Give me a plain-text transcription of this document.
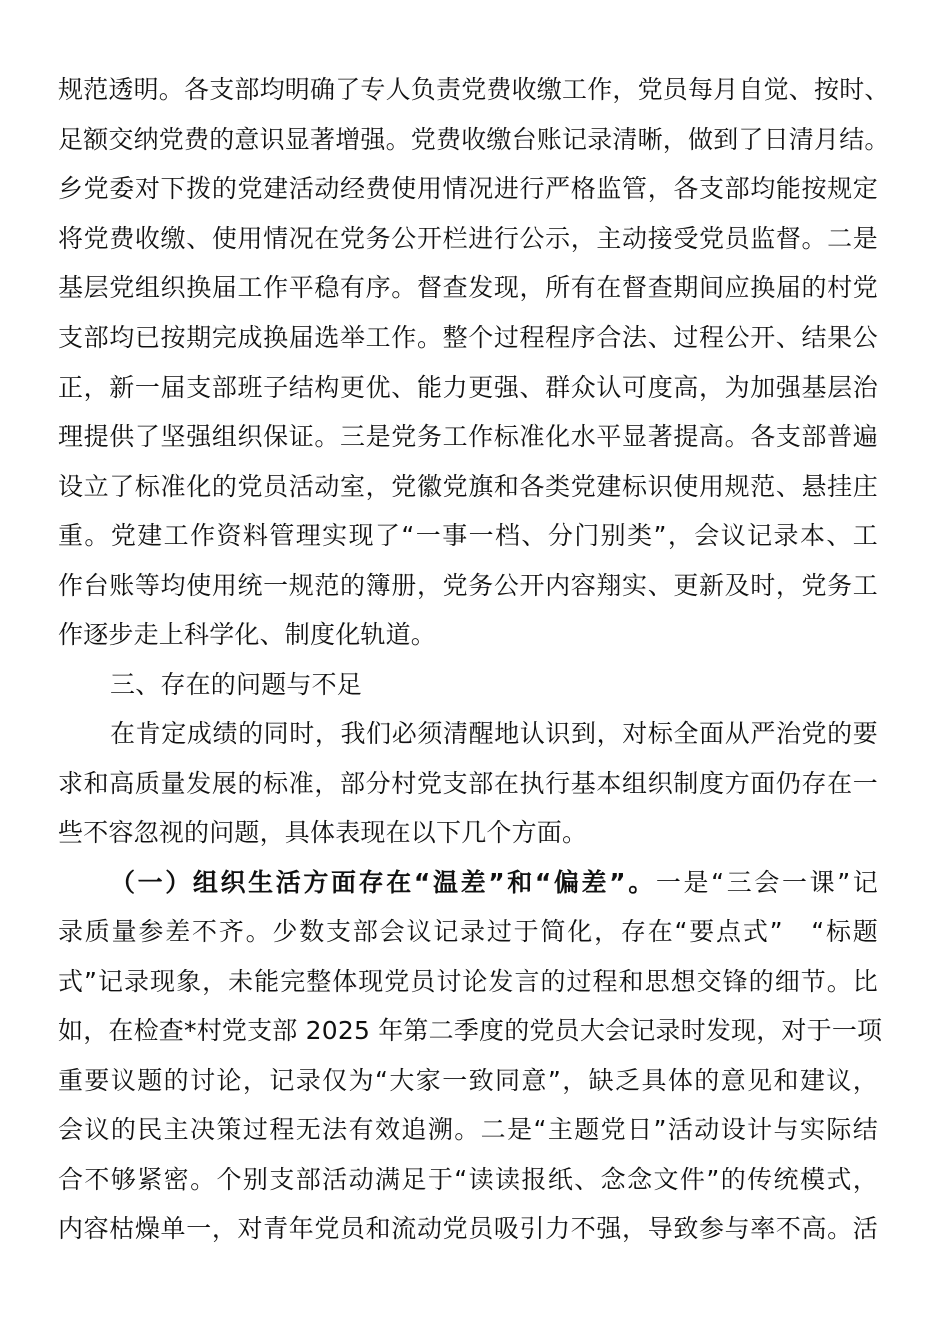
规范透明。各支部均明确了专人负责党费收缴工作，党员每月自觉、按时、
足额交纳党费的意识显著增强。党费收缴台账记录清晰，做到了日清月结。
乡党委对下拨的党建活动经费使用情况进行严格监管，各支部均能按规定
将党费收缴、使用情况在党务公开栏进行公示，主动接受党员监督。二是
基层党组织换届工作平稳有序。督查发现，所有在督查期间应换届的村党
支部均已按期完成换届选举工作。整个过程程序合法、过程公开、结果公
正，新一届支部班子结构更优、能力更强、群众认可度高，为加强基层治
理提供了坚强组织保证。三是党务工作标准化水平显著提高。各支部普遍
设立了标准化的党员活动室，党徽党旗和各类党建标识使用规范、悬挂庄
重。党建工作资料管理实现了“一事一档、分门别类”，会议记录本、工
作台账等均使用统一规范的簿册，党务公开内容翔实、更新及时，党务工
作逐步走上科学化、制度化轨道。
三、存在的问题与不足
在肯定成绩的同时，我们必须清醒地认识到，对标全面从严治党的要
求和高质量发展的标准，部分村党支部在执行基本组织制度方面仍存在一
些不容忽视的问题，具体表现在以下几个方面。
（一）组织生活方面存在“温差”和“偏差”。一是“三会一课”记
录质量参差不齐。少数支部会议记录过于简化，存在“要点式”　“标题
式”记录现象，未能完整体现党员讨论发言的过程和思想交锋的细节。比
如，在检查*村党支部 2025 年第二季度的党员大会记录时发现，对于一项
重要议题的讨论，记录仅为“大家一致同意”，缺乏具体的意见和建议，
会议的民主决策过程无法有效追溯。二是“主题党日”活动设计与实际结
合不够紧密。个别支部活动满足于“读读报纸、念念文件”的传统模式，
内容枯燥单一，对青年党员和流动党员吸引力不强，导致参与率不高。活
